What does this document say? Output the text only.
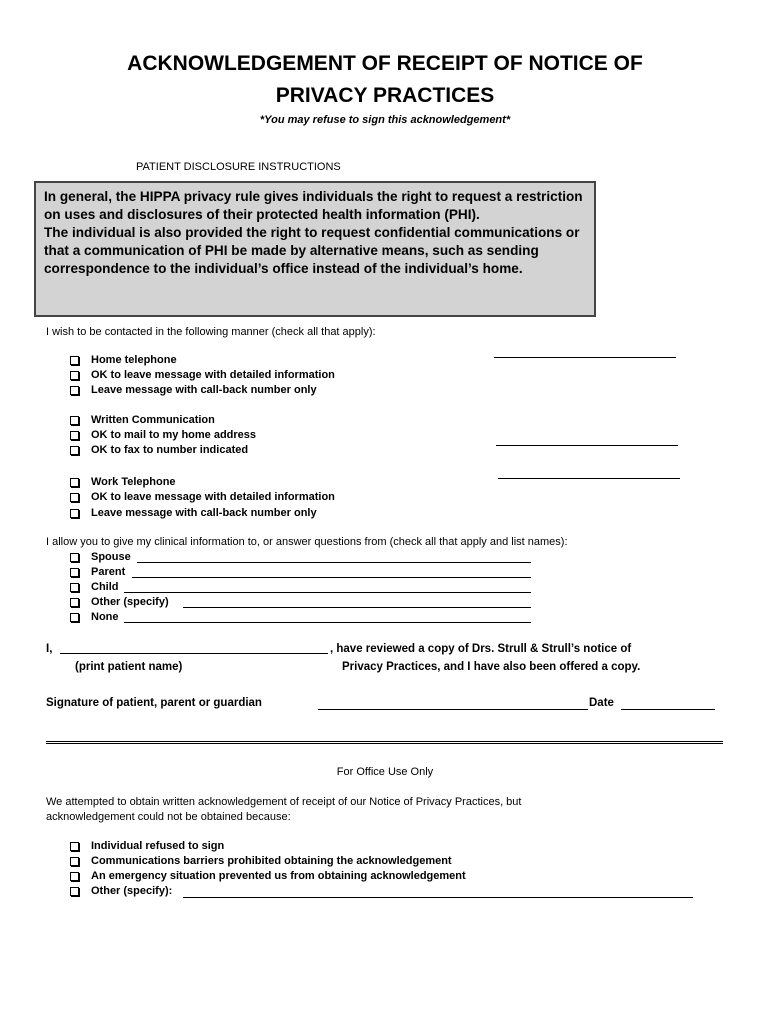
ACKNOWLEDGEMENT OF RECEIPT OF NOTICE OF
PRIVACY PRACTICES
*You may refuse to sign this acknowledgement*
PATIENT DISCLOSURE INSTRUCTIONS

In general, the HIPPA privacy rule gives individuals the right to request a restriction on uses and disclosures of their protected health information (PHI).

The individual is also provided the right to request confidential communications or that a communication of PHI be made by alternative means, such as sending correspondence to the individual’s office instead of the individual’s home.

I wish to be contacted in the following manner (check all that apply):
Home telephone
OK to leave message with detailed information
Leave message with call-back number only
Written Communication
OK to mail to my home address
OK to fax to number indicated
Work Telephone
OK to leave message with detailed information
Leave message with call-back number only
I allow you to give my clinical information to, or answer questions from (check all that apply and list names):
Spouse
Parent
Child
Other (specify)
None
I,	, have reviewed a copy of Drs. Strull & Strull’s notice of
(print patient name)	Privacy Practices, and I have also been offered a copy.
Signature of patient, parent or guardian	Date
For Office Use Only
We attempted to obtain written acknowledgement of receipt of our Notice of Privacy Practices, but
acknowledgement could not be obtained because:
Individual refused to sign
Communications barriers prohibited obtaining the acknowledgement
An emergency situation prevented us from obtaining acknowledgement
Other (specify):
